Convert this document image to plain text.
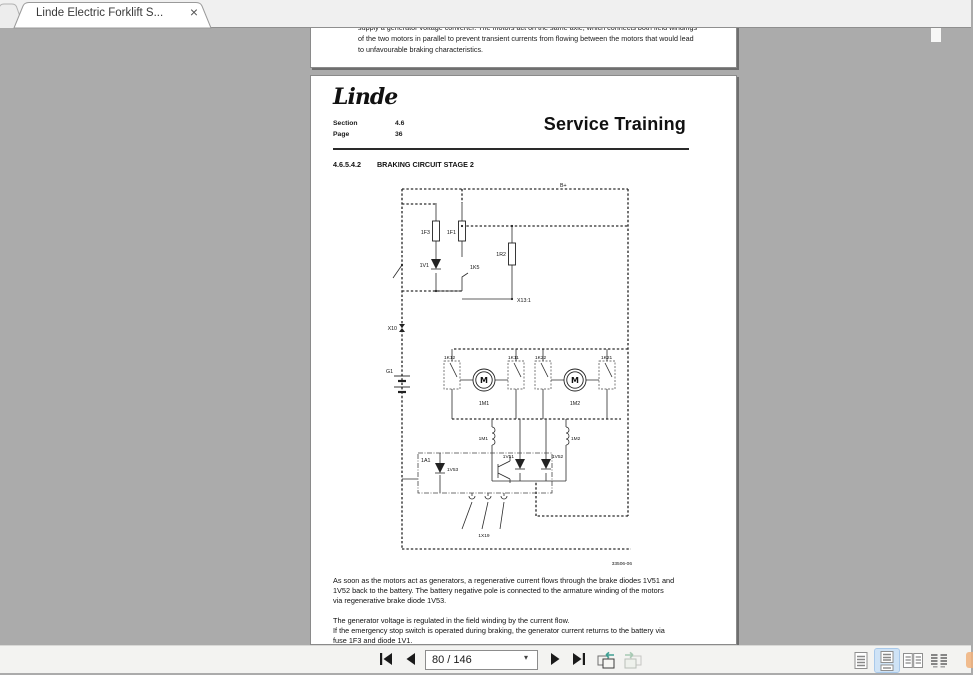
Linde Electric Forklift S...	×
of the two motors in parallel to prevent transient currents from flowing between the motors that would lead
to unfavourable braking characteristics.
Linde
Section	4.6
Page	36
Service Training
4.6.5.4.2 BRAKING CIRCUIT STAGE 2
M	M
B+
1F3	1F1
1V1	1K5
1R2
X13:1
X10
G1
1K12	1K11
1M1
1K22	1K21
1M2
1M1	1M2
1V51	1V52
1V53
1A1
1X19
33506-06
As soon as the motors act as generators, a regenerative current flows through the brake diodes 1V51 and
1V52 back to the battery. The battery negative pole is connected to the armature winding of the motors
via regenerative brake diode 1V53.
The generator voltage is regulated in the field winding by the current flow.
If the emergency stop switch is operated during braking, the generator current returns to the battery via
fuse 1F3 and diode 1V1.
80 / 146
▾
